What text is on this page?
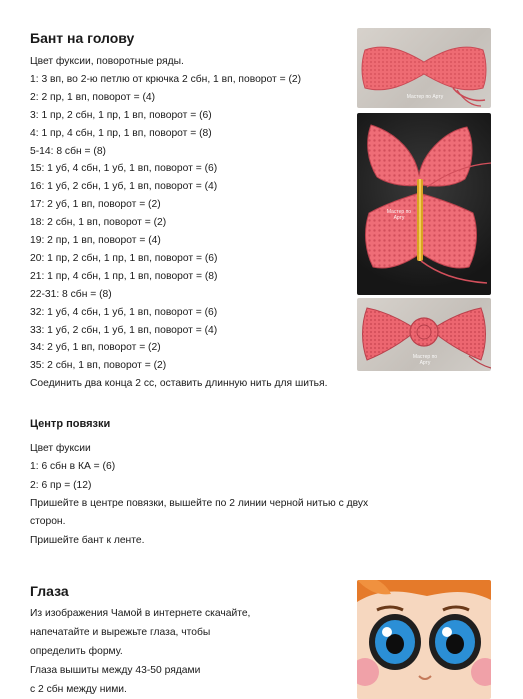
Бант на голову
Цвет фуксии, поворотные ряды.
1: 3 вп, во 2-ю петлю от крючка 2 сбн, 1 вп, поворот = (2)
2: 2 пр, 1 вп, поворот = (4)
3: 1 пр, 2 сбн, 1 пр, 1 вп, поворот = (6)
4: 1 пр, 4 сбн, 1 пр, 1 вп, поворот = (8)
5-14: 8 сбн = (8)
15: 1 уб, 4 сбн, 1 уб, 1 вп, поворот = (6)
16: 1 уб, 2 сбн, 1 уб, 1 вп, поворот = (4)
17: 2 уб, 1 вп, поворот = (2)
18: 2 сбн, 1 вп, поворот = (2)
19: 2 пр, 1 вп, поворот = (4)
20: 1 пр, 2 сбн, 1 пр, 1 вп, поворот = (6)
21: 1 пр, 4 сбн, 1 пр, 1 вп, поворот = (8)
22-31: 8 сбн = (8)
32: 1 уб, 4 сбн, 1 уб, 1 вп, поворот = (6)
33: 1 уб, 2 сбн, 1 уб, 1 вп, поворот = (4)
34: 2 уб, 1 вп, поворот = (2)
35: 2 сбн, 1 вп, поворот = (2)
Соединить два конца 2 сс, оставить длинную нить для шитья.
Центр повязки
Цвет фуксии
1: 6 сбн в КА = (6)
2: 6 пр = (12)
Пришейте в центре повязки, вышейте по 2 линии черной нитью с двух
сторон.
Пришейте бант к ленте.
Глаза
Из изображения Чамой в интернете скачайте,
напечатайте и вырежьте глаза, чтобы
определить форму.
Глаза вышиты между 43-50 рядами
с 2 сбн между ними.
Мастер по Арту
Мастер по Арту
Мастер по Арту
